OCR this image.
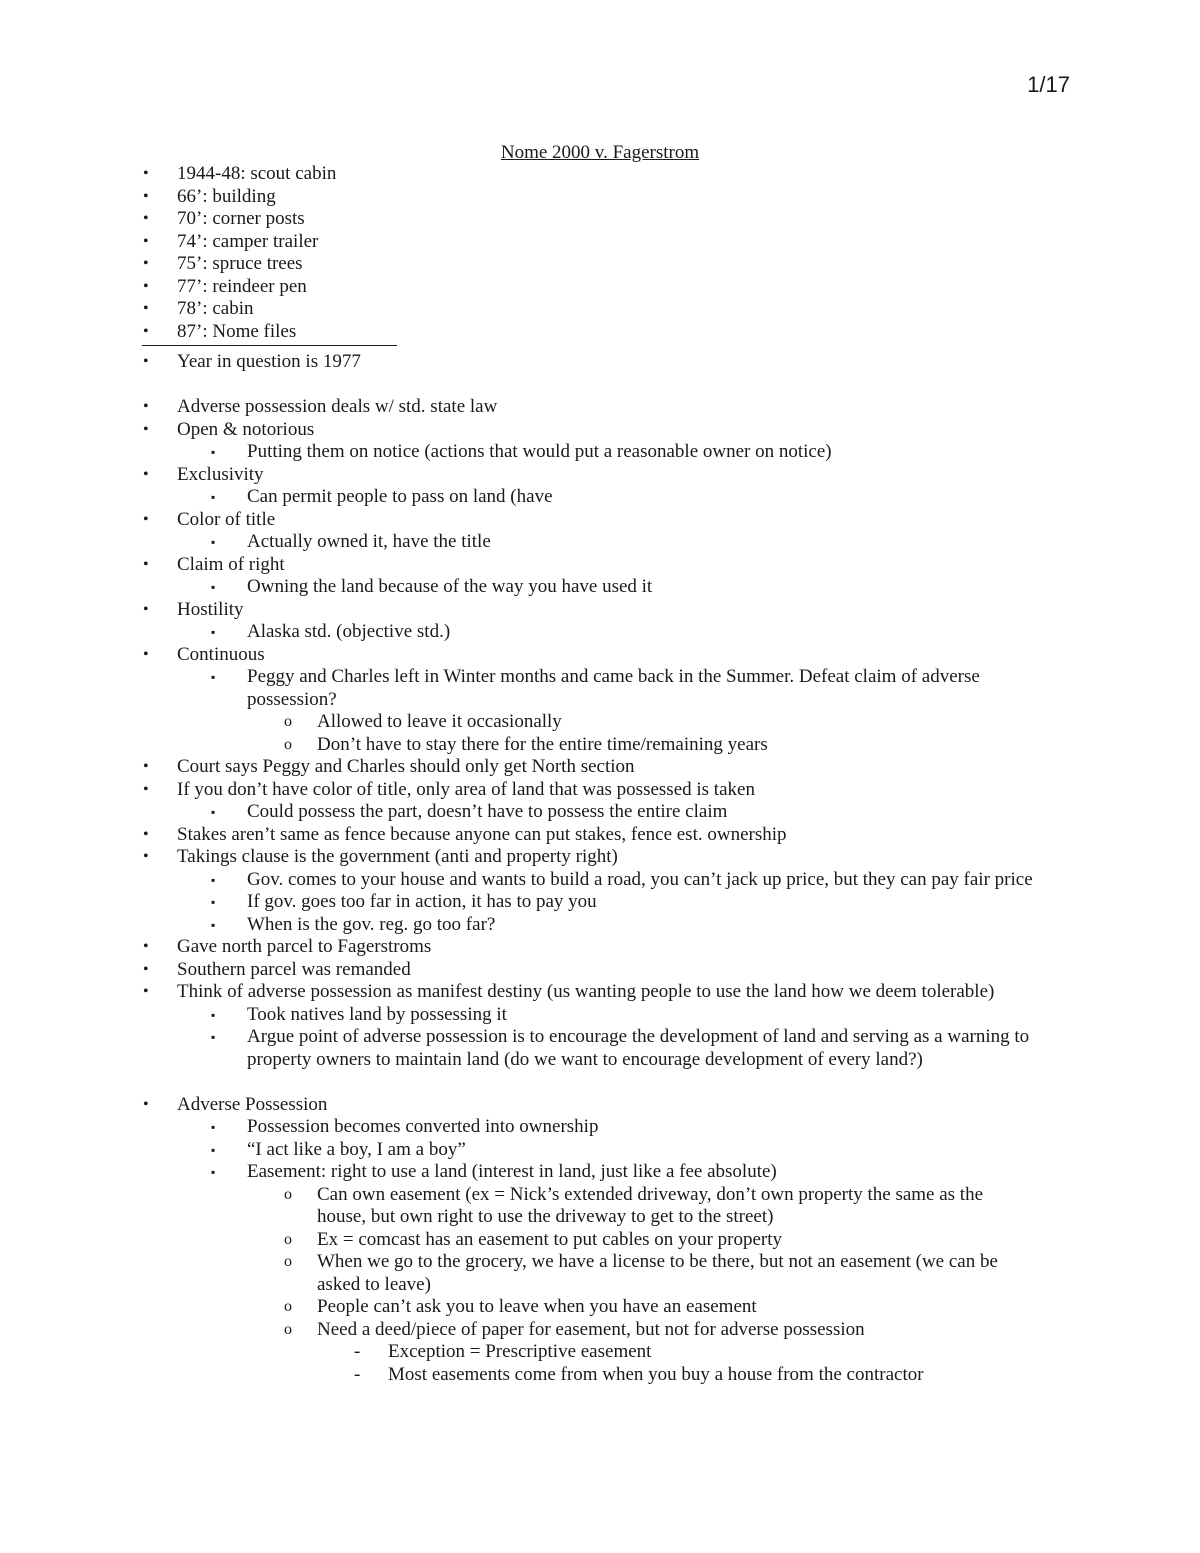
1/17
Nome 2000 v. Fagerstrom
•	1944-48: scout cabin
•	66’: building
•	70’: corner posts
•	74’: camper trailer
•	75’: spruce trees
•	77’: reindeer pen
•	78’: cabin
•	87’: Nome files
•	Year in question is 1977
•	Adverse possession deals w/ std. state law
•	Open & notorious
▪	Putting them on notice (actions that would put a reasonable owner on notice)
•	Exclusivity
▪	Can permit people to pass on land (have
•	Color of title
▪	Actually owned it, have the title
•	Claim of right
▪	Owning the land because of the way you have used it
•	Hostility
▪	Alaska std. (objective std.)
•	Continuous
▪	Peggy and Charles left in Winter months and came back in the Summer. Defeat claim of adverse possession?
o	Allowed to leave it occasionally
o	Don’t have to stay there for the entire time/remaining years
•	Court says Peggy and Charles should only get North section
•	If you don’t have color of title, only area of land that was possessed is taken
▪	Could possess the part, doesn’t have to possess the entire claim
•	Stakes aren’t same as fence because anyone can put stakes, fence est. ownership
•	Takings clause is the government (anti and property right)
▪	Gov. comes to your house and wants to build a road, you can’t jack up price, but they can pay fair price
▪	If gov. goes too far in action, it has to pay you
▪	When is the gov. reg. go too far?
•	Gave north parcel to Fagerstroms
•	Southern parcel was remanded
•	Think of adverse possession as manifest destiny (us wanting people to use the land how we deem tolerable)
▪	Took natives land by possessing it
▪	Argue point of adverse possession is to encourage the development of land and serving as a warning to property owners to maintain land (do we want to encourage development of every land?)
•	Adverse Possession
▪	Possession becomes converted into ownership
▪	“I act like a boy, I am a boy”
▪	Easement: right to use a land (interest in land, just like a fee absolute)
o	Can own easement (ex = Nick’s extended driveway, don’t own property the same as the house, but own right to use the driveway to get to the street)
o	Ex = comcast has an easement to put cables on your property
o	When we go to the grocery, we have a license to be there, but not an easement (we can be asked to leave)
o	People can’t ask you to leave when you have an easement
o	Need a deed/piece of paper for easement, but not for adverse possession
-	Exception = Prescriptive easement
-	Most easements come from when you buy a house from the contractor
